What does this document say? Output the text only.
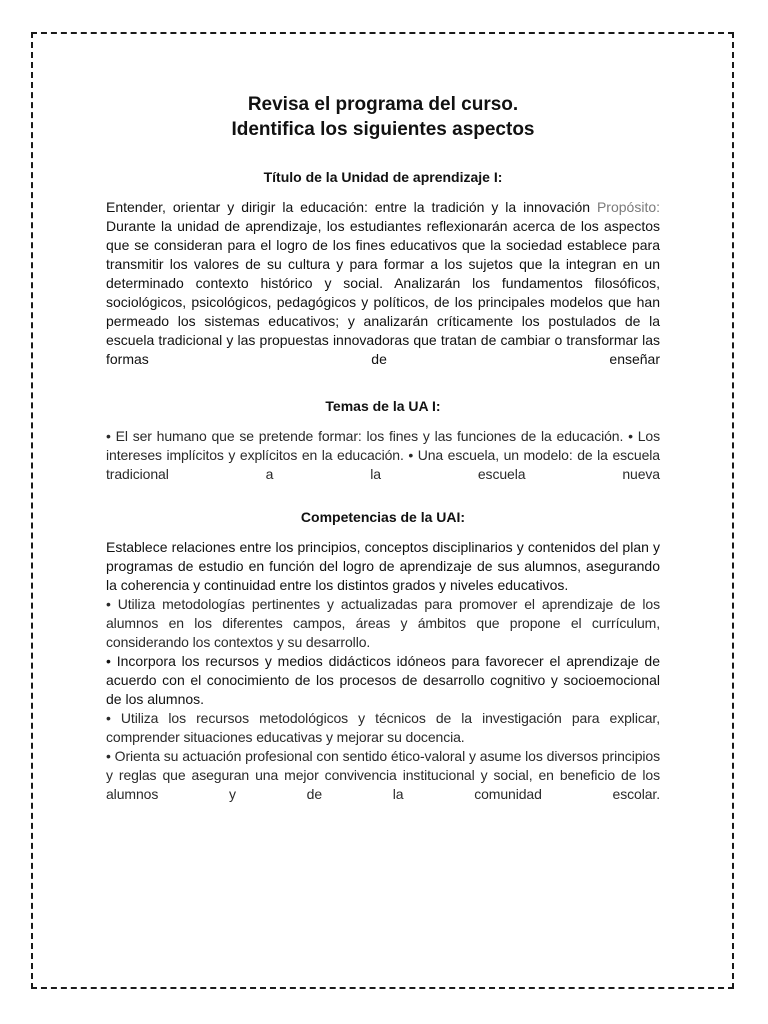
Revisa el programa del curso.
Identifica los siguientes aspectos
Título de la Unidad de aprendizaje I:

Entender, orientar y dirigir la educación: entre la tradición y la innovación Propósito: Durante la unidad de aprendizaje, los estudiantes reflexionarán acerca de los aspectos que se consideran para el logro de los fines educativos que la sociedad establece para transmitir los valores de su cultura y para formar a los sujetos que la integran en un determinado contexto histórico y social. Analizarán los fundamentos filosóficos, sociológicos, psicológicos, pedagógicos y políticos, de los principales modelos que han permeado los sistemas educativos; y analizarán críticamente los postulados de la escuela tradicional y las propuestas innovadoras que tratan de cambiar o transformar las formas de enseñar

Temas de la UA I:

• El ser humano que se pretende formar: los fines y las funciones de la educación. • Los intereses implícitos y explícitos en la educación. • Una escuela, un modelo: de la escuela tradicional a la escuela nueva

Competencias de la UAI:

Establece relaciones entre los principios, conceptos disciplinarios y contenidos del plan y programas de estudio en función del logro de aprendizaje de sus alumnos, asegurando la coherencia y continuidad entre los distintos grados y niveles educativos.

• Utiliza metodologías pertinentes y actualizadas para promover el aprendizaje de los alumnos en los diferentes campos, áreas y ámbitos que propone el currículum, considerando los contextos y su desarrollo.

• Incorpora los recursos y medios didácticos idóneos para favorecer el aprendizaje de acuerdo con el conocimiento de los procesos de desarrollo cognitivo y socioemocional de los alumnos.

• Utiliza los recursos metodológicos y técnicos de la investigación para explicar, comprender situaciones educativas y mejorar su docencia.

• Orienta su actuación profesional con sentido ético-valoral y asume los diversos principios y reglas que aseguran una mejor convivencia institucional y social, en beneficio de los alumnos y de la comunidad escolar.
